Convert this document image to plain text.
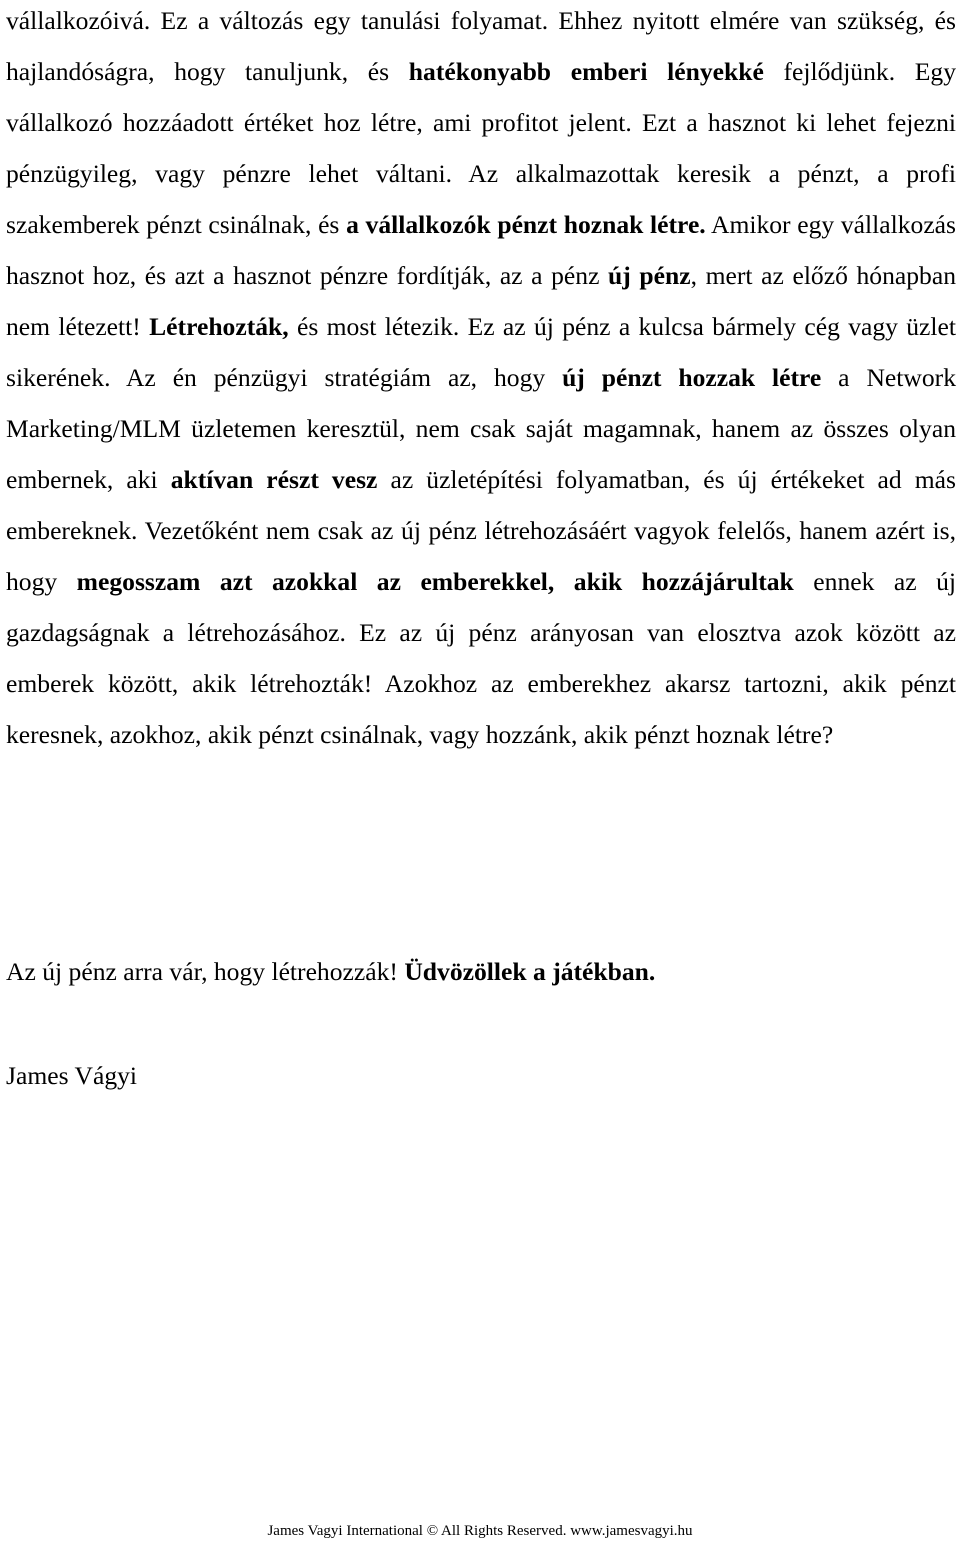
vállalkozóivá. Ez a változás egy tanulási folyamat. Ehhez nyitott elmére van szükség, és hajlandóságra, hogy tanuljunk, és hatékonyabb emberi lényekké fejlődjünk. Egy vállalkozó hozzáadott értéket hoz létre, ami profitot jelent. Ezt a hasznot ki lehet fejezni pénzügyileg, vagy pénzre lehet váltani. Az alkalmazottak keresik a pénzt, a profi szakemberek pénzt csinálnak, és a vállalkozók pénzt hoznak létre. Amikor egy vállalkozás hasznot hoz, és azt a hasznot pénzre fordítják, az a pénz új pénz, mert az előző hónapban nem létezett! Létrehozták, és most létezik. Ez az új pénz a kulcsa bármely cég vagy üzlet sikerének. Az én pénzügyi stratégiám az, hogy új pénzt hozzak létre a Network Marketing/MLM üzletemen keresztül, nem csak saját magamnak, hanem az összes olyan embernek, aki aktívan részt vesz az üzletépítési folyamatban, és új értékeket ad más embereknek. Vezetőként nem csak az új pénz létrehozásáért vagyok felelős, hanem azért is, hogy megosszam azt azokkal az emberekkel, akik hozzájárultak ennek az új gazdagságnak a létrehozásához. Ez az új pénz arányosan van elosztva azok között az emberek között, akik létrehozták! Azokhoz az emberekhez akarsz tartozni, akik pénzt keresnek, azokhoz, akik pénzt csinálnak, vagy hozzánk, akik pénzt hoznak létre?

Az új pénz arra vár, hogy létrehozzák! Üdvözöllek a játékban.

James Vágyi

James Vagyi International © All Rights Reserved. www.jamesvagyi.hu
